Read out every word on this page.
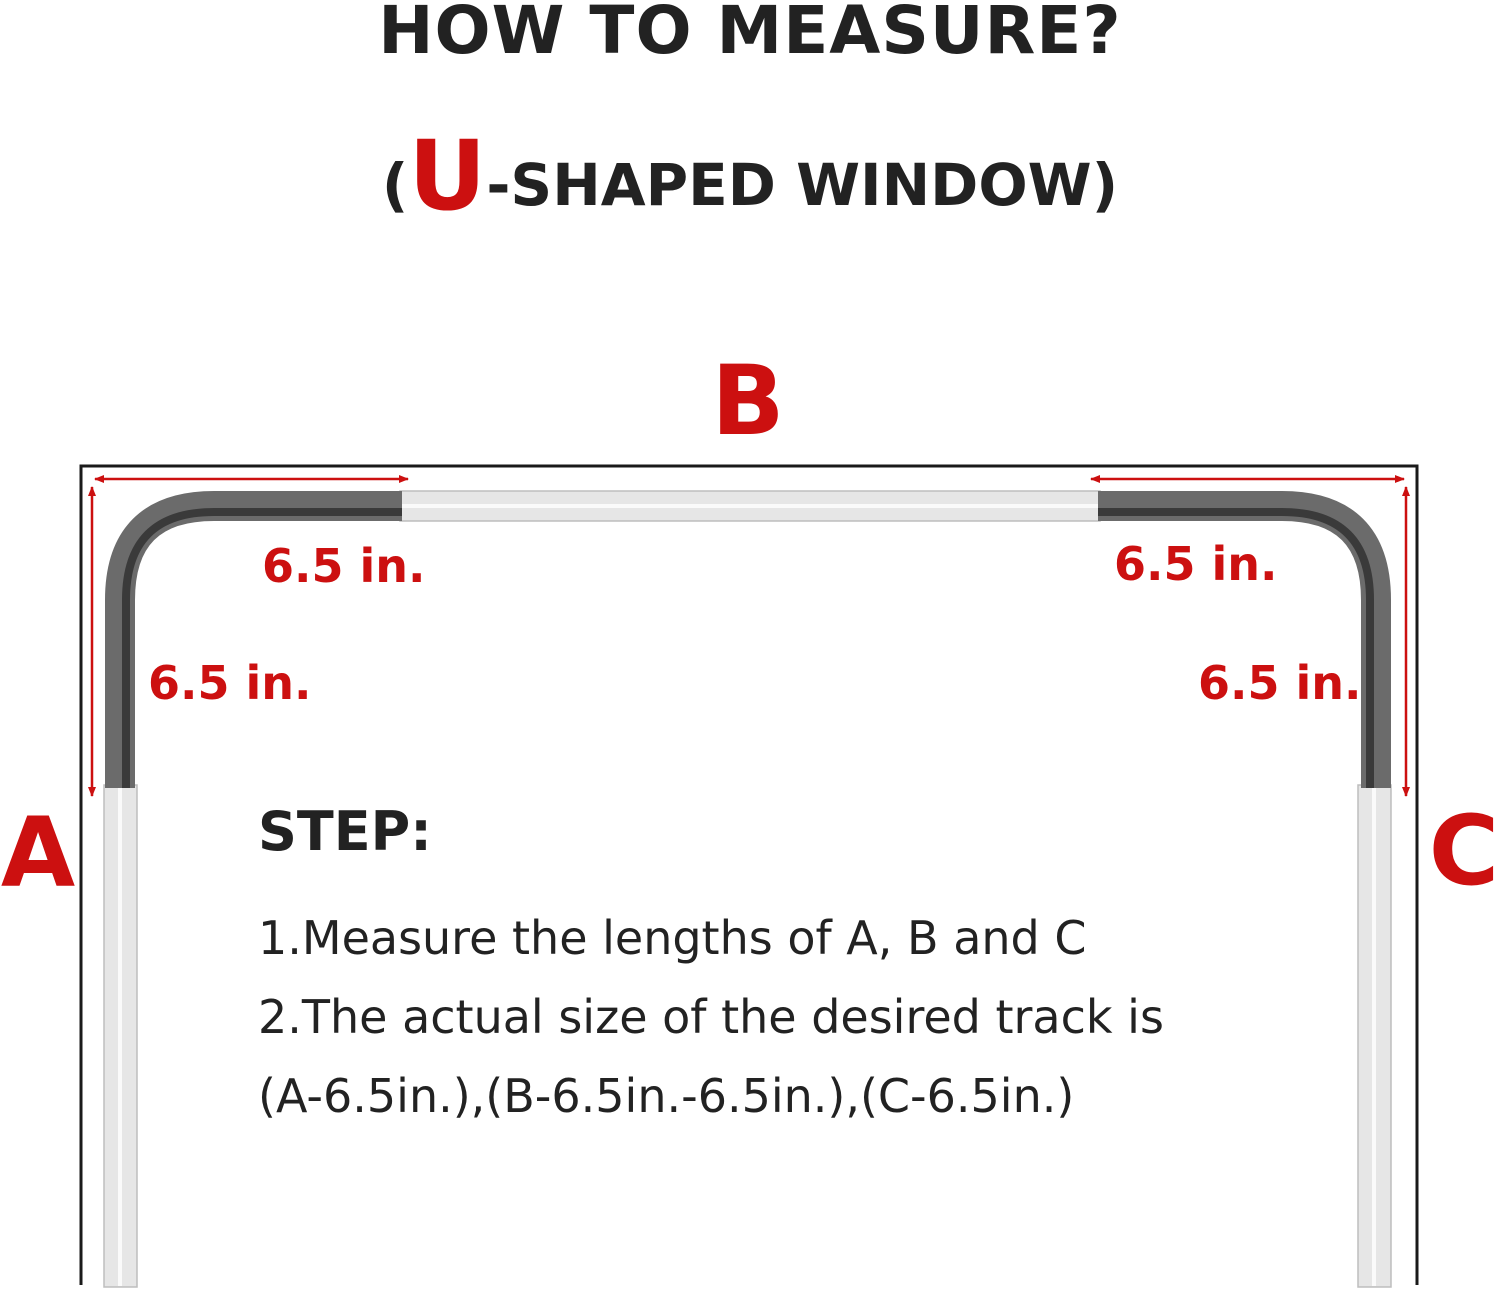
HOW TO MEASURE?
(U-SHAPED WINDOW)
6.5 in.	6.5 in.
6.5 in.	6.5 in.
B
A	C

STEP:

1.Measure the lengths of A, B and C

2.The actual size of the desired track is

(A-6.5in.),(B-6.5in.-6.5in.),(C-6.5in.)
